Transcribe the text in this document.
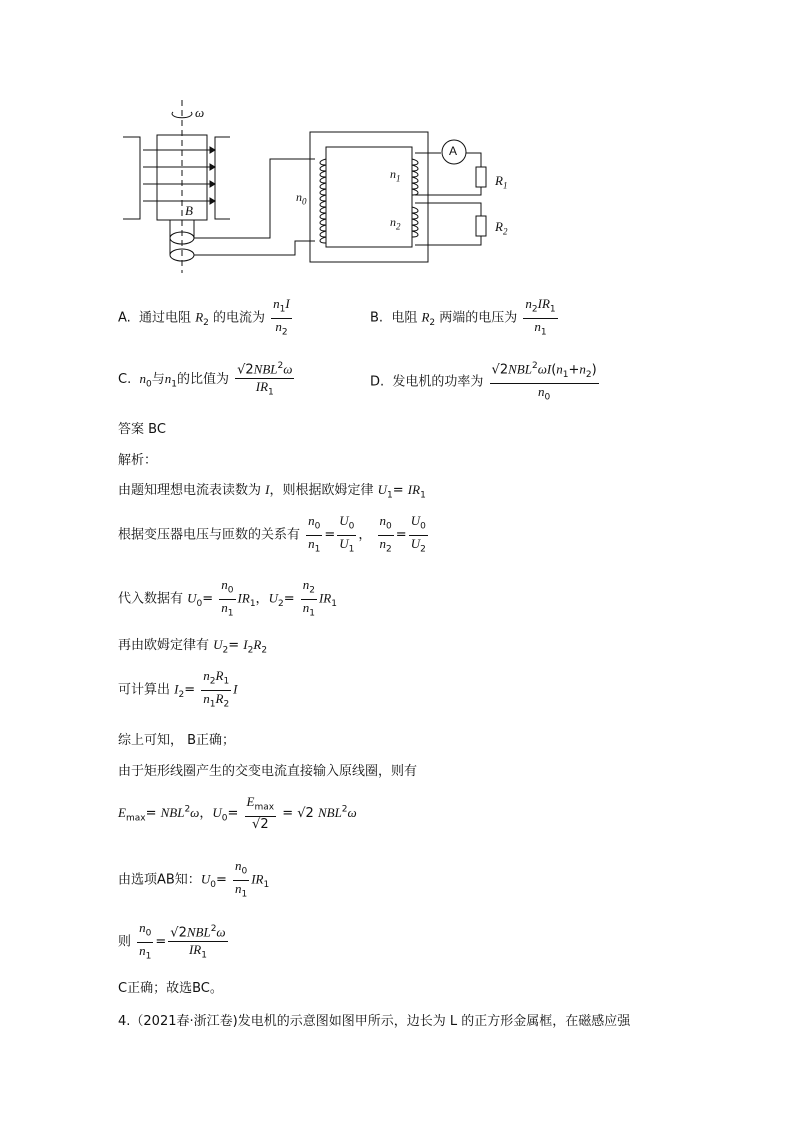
ω
B
A
$n_0$
$n_1$
$n_2$
$R_1$
$R_2$
A.  通过电阻 $R_2$ 的电流为 $\frac{n_1I}{n_2}$	B.  电阻 $R_2$ 两端的电压为 $\frac{n_2IR_1}{n_1}$
C.  $n_0$与$n_1$的比值为 $\frac{√2NBL^2\omega}{IR_1}$	D.  发电机的功率为 $\frac{√2NBL^2\omega I(n_1+n_2)}{n_0}$
答案 BC
解析：
由题知理想电流表读数为 I，则根据欧姆定律 $U_1= IR_1$
根据变压器电压与匝数的关系有 $\frac{n_0}{n_1} = \frac{U_0}{U_1}$ ， $\frac{n_0}{n_2} = \frac{U_0}{U_2}$
代入数据有 $U_0= \frac{n_0}{n_1} IR_1$，$U_2= \frac{n_2}{n_1} IR_1$
再由欧姆定律有 $U_2= I_2R_2$
可计算出 $I_2= \frac{n_2R_1}{n_1R_2}$ I
综上可知， B正确；
由于矩形线圈产生的交变电流直接输入原线圈，则有
$E_{max}= NBL^2\omega$，$U_0= \frac{E_{max}}{√2} = √2$ NBL$^2$ω
由选项AB知：$U_0= \frac{n_0}{n_1} IR_1$
则 $\frac{n_0}{n_1} = \frac{√2NBL^2\omega}{IR_1}$
C正确；故选BC。
4.（2021春·浙江卷)发电机的示意图如图甲所示，边长为 L 的正方形金属框，在磁感应强
